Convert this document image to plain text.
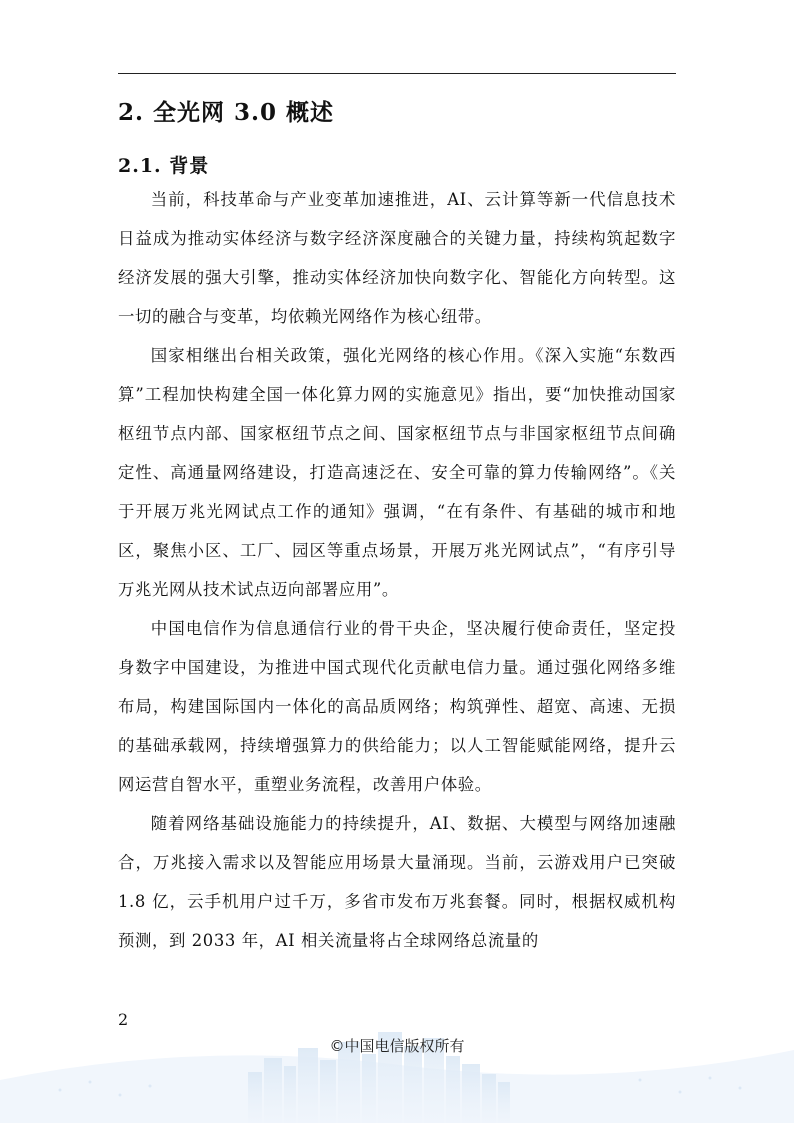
2. 全光网 3.0 概述
2.1. 背景

当前，科技革命与产业变革加速推进，AI、云计算等新一代信息技术日益成为推动实体经济与数字经济深度融合的关键力量，持续构筑起数字经济发展的强大引擎，推动实体经济加快向数字化、智能化方向转型。这一切的融合与变革，均依赖光网络作为核心纽带。

国家相继出台相关政策，强化光网络的核心作用。《深入实施“东数西算”工程加快构建全国一体化算力网的实施意见》指出，要“加快推动国家枢纽节点内部、国家枢纽节点之间、国家枢纽节点与非国家枢纽节点间确定性、高通量网络建设，打造高速泛在、安全可靠的算力传输网络”。《关于开展万兆光网试点工作的通知》强调，“在有条件、有基础的城市和地区，聚焦小区、工厂、园区等重点场景，开展万兆光网试点”，“有序引导万兆光网从技术试点迈向部署应用”。

中国电信作为信息通信行业的骨干央企，坚决履行使命责任，坚定投身数字中国建设，为推进中国式现代化贡献电信力量。通过强化网络多维布局，构建国际国内一体化的高品质网络；构筑弹性、超宽、高速、无损的基础承载网，持续增强算力的供给能力；以人工智能赋能网络，提升云网运营自智水平，重塑业务流程，改善用户体验。

随着网络基础设施能力的持续提升，AI、数据、大模型与网络加速融合，万兆接入需求以及智能应用场景大量涌现。当前，云游戏用户已突破 1.8 亿，云手机用户过千万，多省市发布万兆套餐。同时，根据权威机构预测，到 2033 年，AI 相关流量将占全球网络总流量的

2
©中国电信版权所有
